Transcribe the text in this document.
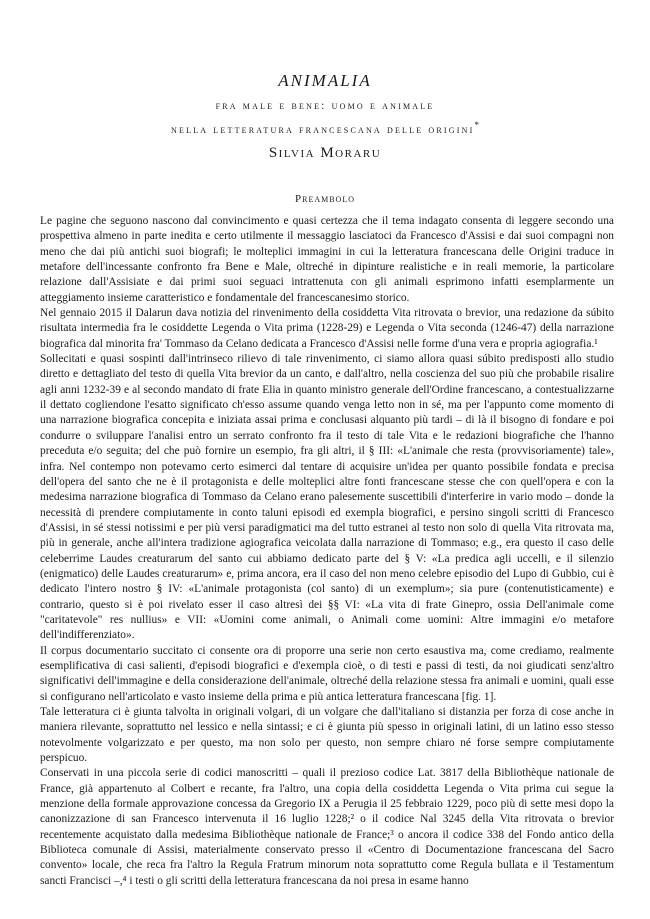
ANIMALIA
fra male e bene: uomo e animale
nella letteratura francescana delle origini*
Silvia Moraru
Preambolo

Le pagine che seguono nascono dal convincimento e quasi certezza che il tema indagato consenta di leggere secondo una prospettiva almeno in parte inedita e certo utilmente il messaggio lasciatoci da Francesco d'Assisi e dai suoi compagni non meno che dai più antichi suoi biografi; le molteplici immagini in cui la letteratura francescana delle Origini traduce in metafore dell'incessante confronto fra Bene e Male, oltreché in dipinture realistiche e in reali memorie, la particolare relazione dall'Assisiate e dai primi suoi seguaci intrattenuta con gli animali esprimono infatti esemplarmente un atteggiamento insieme caratteristico e fondamentale del francescanesimo storico.

Nel gennaio 2015 il Dalarun dava notizia del rinvenimento della cosiddetta Vita ritrovata o brevior, una redazione da súbito risultata intermedia fra le cosiddette Legenda o Vita prima (1228-29) e Legenda o Vita seconda (1246-47) della narrazione biografica dal minorita fra' Tommaso da Celano dedicata a Francesco d'Assisi nelle forme d'una vera e propria agiografia.¹

Sollecitati e quasi sospinti dall'intrinseco rilievo di tale rinvenimento, ci siamo allora quasi súbito predisposti allo studio diretto e dettagliato del testo di quella Vita brevior da un canto, e dall'altro, nella coscienza del suo più che probabile risalire agli anni 1232-39 e al secondo mandato di frate Elia in quanto ministro generale dell'Ordine francescano, a contestualizzarne il dettato cogliendone l'esatto significato ch'esso assume quando venga letto non in sé, ma per l'appunto come momento di una narrazione biografica concepita e iniziata assai prima e conclusasi alquanto più tardi – di là il bisogno di fondare e poi condurre o sviluppare l'analisi entro un serrato confronto fra il testo di tale Vita e le redazioni biografiche che l'hanno preceduta e/o seguita; del che può fornire un esempio, fra gli altri, il § III: «L'animale che resta (provvisoriamente) tale», infra. Nel contempo non potevamo certo esimerci dal tentare di acquisire un'idea per quanto possibile fondata e precisa dell'opera del santo che ne è il protagonista e delle molteplici altre fonti francescane stesse che con quell'opera e con la medesima narrazione biografica di Tommaso da Celano erano palesemente suscettibili d'interferire in vario modo – donde la necessità di prendere compiutamente in conto taluni episodi ed exempla biografici, e persino singoli scritti di Francesco d'Assisi, in sé stessi notissimi e per più versi paradigmatici ma del tutto estranei al testo non solo di quella Vita ritrovata ma, più in generale, anche all'intera tradizione agiografica veicolata dalla narrazione di Tommaso; e.g., era questo il caso delle celeberrime Laudes creaturarum del santo cui abbiamo dedicato parte del § V: «La predica agli uccelli, e il silenzio (enigmatico) delle Laudes creaturarum» e, prima ancora, era il caso del non meno celebre episodio del Lupo di Gubbio, cui è dedicato l'intero nostro § IV: «L'animale protagonista (col santo) di un exemplum»; sia pure (contenutisticamente) e contrario, questo si è poi rivelato esser il caso altresì dei §§ VI: «La vita di frate Ginepro, ossia Dell'animale come "caritatevole" res nullius» e VII: «Uomini come animali, o Animali come uomini: Altre immagini e/o metafore dell'indifferenziato».

Il corpus documentario succitato ci consente ora di proporre una serie non certo esaustiva ma, come crediamo, realmente esemplificativa di casi salienti, d'episodi biografici e d'exempla cioè, o di testi e passi di testi, da noi giudicati senz'altro significativi dell'immagine e della considerazione dell'animale, oltreché della relazione stessa fra animali e uomini, quali esse si configurano nell'articolato e vasto insieme della prima e più antica letteratura francescana [fig. 1].

Tale letteratura ci è giunta talvolta in originali volgari, di un volgare che dall'italiano si distanzia per forza di cose anche in maniera rilevante, soprattutto nel lessico e nella sintassi; e ci è giunta più spesso in originali latini, di un latino esso stesso notevolmente volgarizzato e per questo, ma non solo per questo, non sempre chiaro né forse sempre compiutamente perspicuo.

Conservati in una piccola serie di codici manoscritti – quali il prezioso codice Lat. 3817 della Bibliothèque nationale de France, già appartenuto al Colbert e recante, fra l'altro, una copia della cosiddetta Legenda o Vita prima cui segue la menzione della formale approvazione concessa da Gregorio IX a Perugia il 25 febbraio 1229, poco più di sette mesi dopo la canonizzazione di san Francesco intervenuta il 16 luglio 1228;² o il codice Nal 3245 della Vita ritrovata o brevior recentemente acquistato dalla medesima Bibliothèque nationale de France;³ o ancora il codice 338 del Fondo antico della Biblioteca comunale di Assisi, materialmente conservato presso il «Centro di Documentazione francescana del Sacro convento» locale, che reca fra l'altro la Regula Fratrum minorum nota soprattutto come Regula bullata e il Testamentum sancti Francisci –,⁴ i testi o gli scritti della letteratura francescana da noi presa in esame hanno
